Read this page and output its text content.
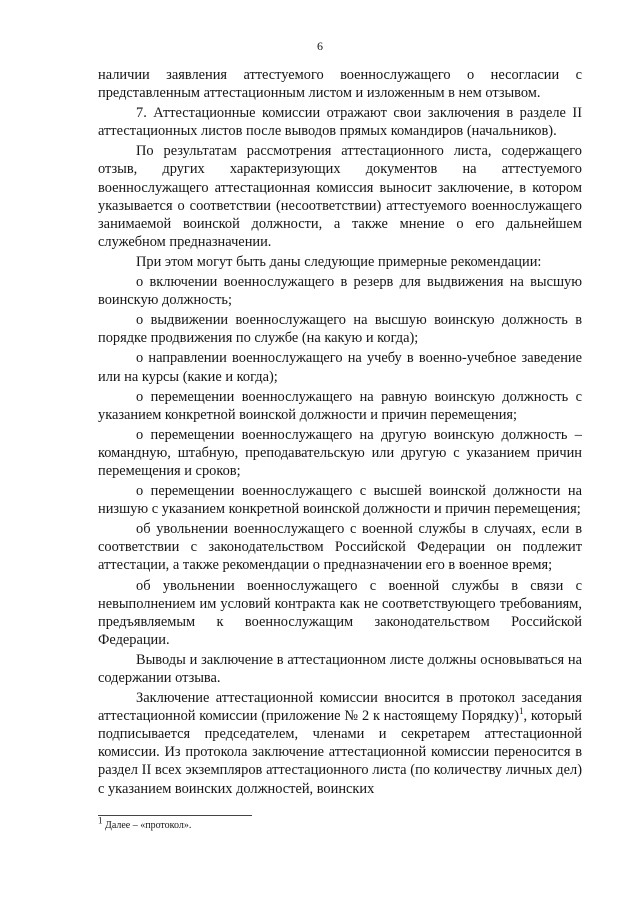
6

наличии заявления аттестуемого военнослужащего о несогласии с представленным аттестационным листом и изложенным в нем отзывом.

7. Аттестационные комиссии отражают свои заключения в разделе II аттестационных листов после выводов прямых командиров (начальников).

По результатам рассмотрения аттестационного листа, содержащего отзыв, других характеризующих документов на аттестуемого военнослужащего аттестационная комиссия выносит заключение, в котором указывается о соответствии (несоответствии) аттестуемого военнослужащего занимаемой воинской должности, а также мнение о его дальнейшем служебном предназначении.

При этом могут быть даны следующие примерные рекомендации:

о включении военнослужащего в резерв для выдвижения на высшую воинскую должность;

о выдвижении военнослужащего на высшую воинскую должность в порядке продвижения по службе (на какую и когда);

о направлении военнослужащего на учебу в военно-учебное заведение или на курсы (какие и когда);

о перемещении военнослужащего на равную воинскую должность с указанием конкретной воинской должности и причин перемещения;

о перемещении военнослужащего на другую воинскую должность – командную, штабную, преподавательскую или другую с указанием причин перемещения и сроков;

о перемещении военнослужащего с высшей воинской должности на низшую с указанием конкретной воинской должности и причин перемещения;

об увольнении военнослужащего с военной службы в случаях, если в соответствии с законодательством Российской Федерации он подлежит аттестации, а также рекомендации о предназначении его в военное время;

об увольнении военнослужащего с военной службы в связи с невыполнением им условий контракта как не соответствующего требованиям, предъявляемым к военнослужащим законодательством Российской Федерации.

Выводы и заключение в аттестационном листе должны основываться на содержании отзыва.

Заключение аттестационной комиссии вносится в протокол заседания аттестационной комиссии (приложение № 2 к настоящему Порядку)$^1$, который подписывается председателем, членами и секретарем аттестационной комиссии. Из протокола заключение аттестационной комиссии переносится в раздел II всех экземпляров аттестационного листа (по количеству личных дел) с указанием воинских должностей, воинских

$^1$ Далее – «протокол».
